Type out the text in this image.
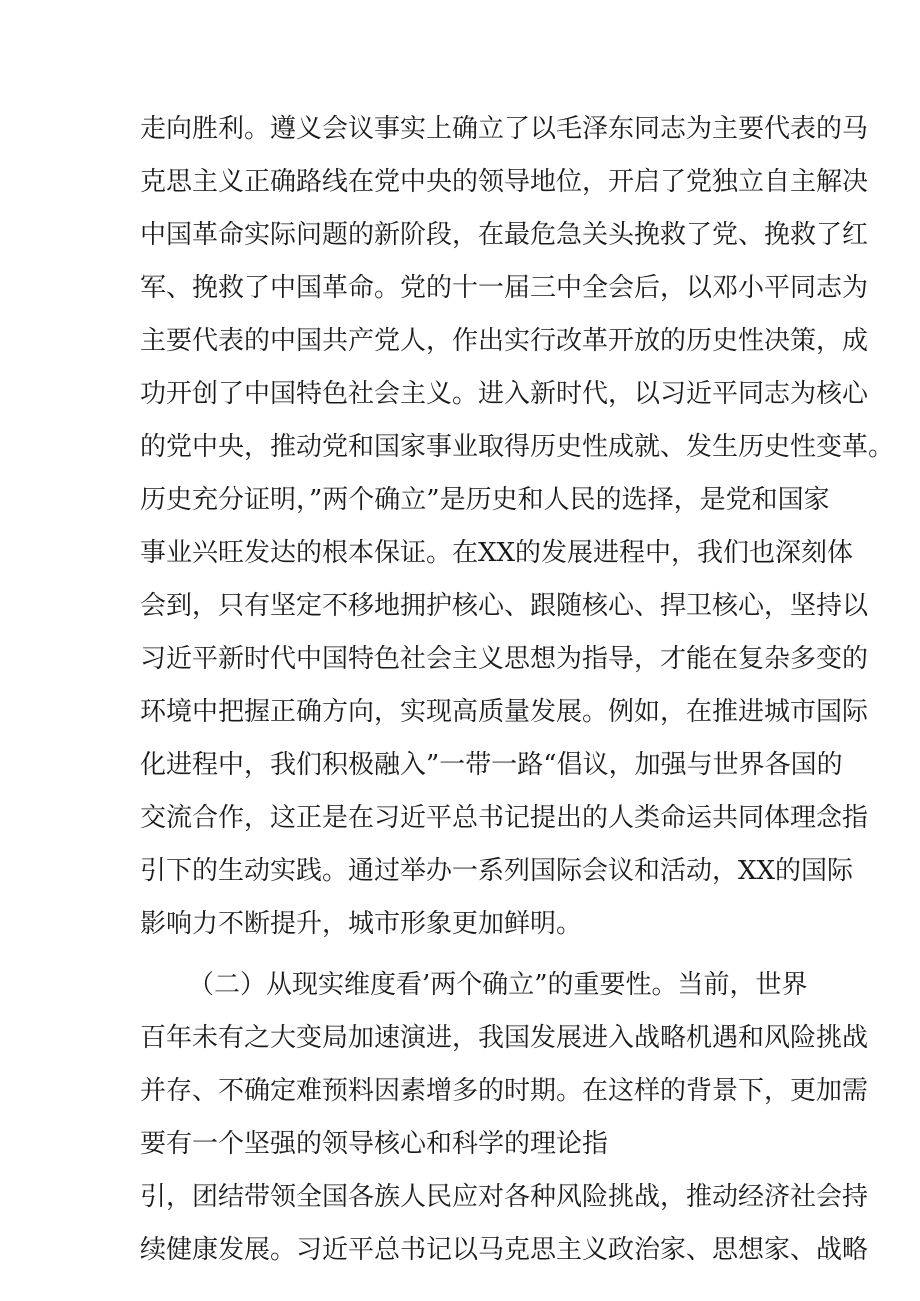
走向胜利。遵义会议事实上确立了以毛泽东同志为主要代表的马
克思主义正确路线在党中央的领导地位，开启了党独立自主解决
中国革命实际问题的新阶段，在最危急关头挽救了党、挽救了红
军、挽救了中国革命。党的十一届三中全会后，以邓小平同志为
主要代表的中国共产党人，作出实行改革开放的历史性决策，成
功开创了中国特色社会主义。进入新时代，以习近平同志为核心
的党中央，推动党和国家事业取得历史性成就、发生历史性变革。
历史充分证明，”两个确立”是历史和人民的选择，是党和国家
事业兴旺发达的根本保证。在XX的发展进程中，我们也深刻体
会到，只有坚定不移地拥护核心、跟随核心、捍卫核心，坚持以
习近平新时代中国特色社会主义思想为指导，才能在复杂多变的
环境中把握正确方向，实现高质量发展。例如，在推进城市国际
化进程中，我们积极融入”一带一路“倡议，加强与世界各国的
交流合作，这正是在习近平总书记提出的人类命运共同体理念指
引下的生动实践。通过举办一系列国际会议和活动，XX的国际
影响力不断提升，城市形象更加鲜明。
（二）从现实维度看’两个确立”的重要性。当前，世界
百年未有之大变局加速演进，我国发展进入战略机遇和风险挑战
并存、不确定难预料因素增多的时期。在这样的背景下，更加需
要有一个坚强的领导核心和科学的理论指
引，团结带领全国各族人民应对各种风险挑战，推动经济社会持
续健康发展。习近平总书记以马克思主义政治家、思想家、战略
